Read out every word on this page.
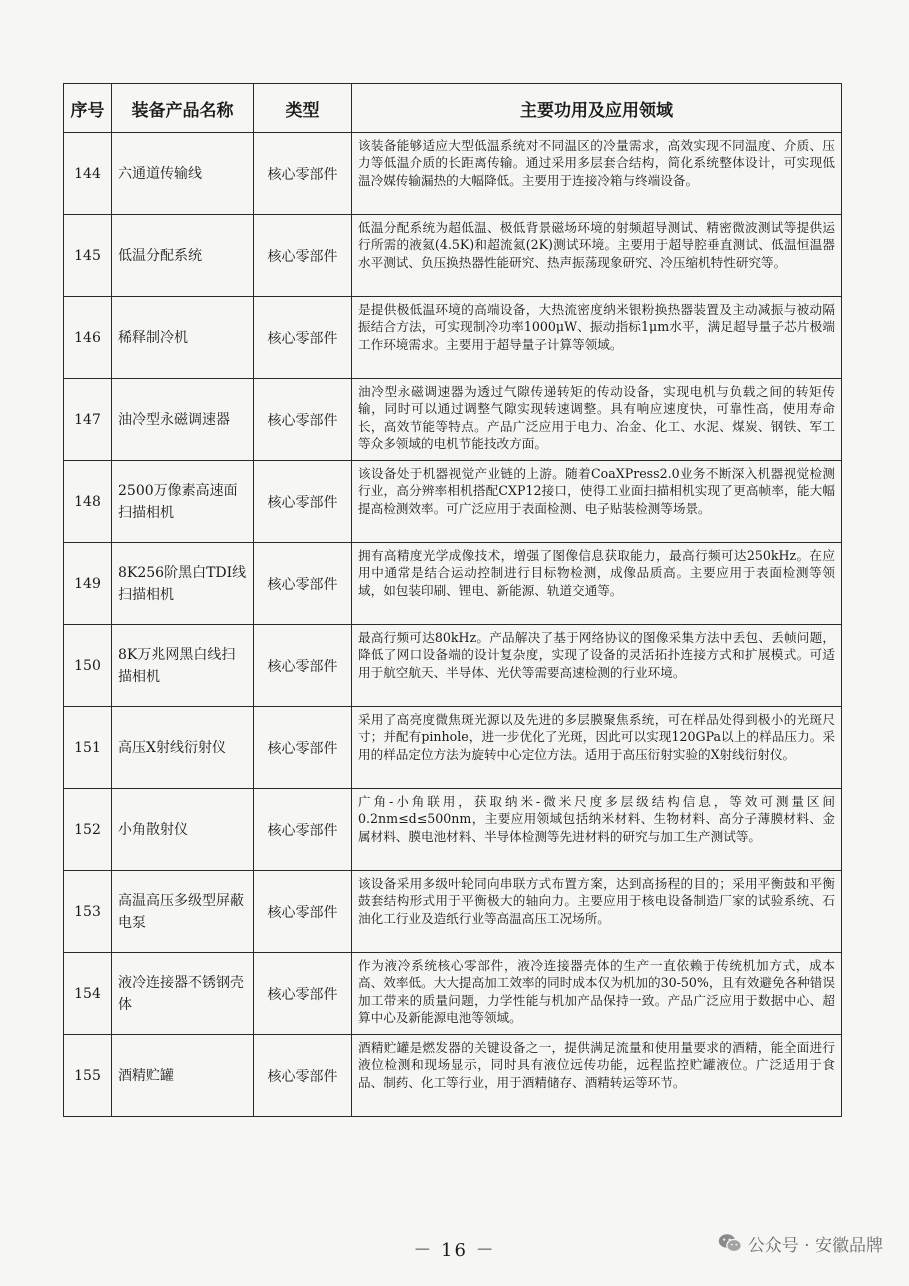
序号	装备产品名称	类型	主要功用及应用领域
144	六通道传输线	核心零部件	该装备能够适应大型低温系统对不同温区的冷量需求，高效实现不同温度、介质、压力等低温介质的长距离传输。通过采用多层套合结构，简化系统整体设计，可实现低温冷媒传输漏热的大幅降低。主要用于连接冷箱与终端设备。
145	低温分配系统	核心零部件	低温分配系统为超低温、极低背景磁场环境的射频超导测试、精密微波测试等提供运行所需的液氦(4.5K)和超流氦(2K)测试环境。主要用于超导腔垂直测试、低温恒温器水平测试、负压换热器性能研究、热声振荡现象研究、冷压缩机特性研究等。
146	稀释制冷机	核心零部件	是提供极低温环境的高端设备，大热流密度纳米银粉换热器装置及主动减振与被动隔振结合方法，可实现制冷功率1000μW、振动指标1μm水平，满足超导量子芯片极端工作环境需求。主要用于超导量子计算等领域。
147	油冷型永磁调速器	核心零部件	油冷型永磁调速器为透过气隙传递转矩的传动设备，实现电机与负载之间的转矩传输，同时可以通过调整气隙实现转速调整。具有响应速度快，可靠性高，使用寿命长，高效节能等特点。产品广泛应用于电力、冶金、化工、水泥、煤炭、钢铁、军工等众多领域的电机节能技改方面。
148	2500万像素高速面扫描相机	核心零部件	该设备处于机器视觉产业链的上游。随着CoaXPress2.0业务不断深入机器视觉检测行业，高分辨率相机搭配CXP12接口，使得工业面扫描相机实现了更高帧率，能大幅提高检测效率。可广泛应用于表面检测、电子贴装检测等场景。
149	8K256阶黑白TDI线扫描相机	核心零部件	拥有高精度光学成像技术，增强了图像信息获取能力，最高行频可达250kHz。在应用中通常是结合运动控制进行目标物检测，成像品质高。主要应用于表面检测等领域，如包装印刷、锂电、新能源、轨道交通等。
150	8K万兆网黑白线扫描相机	核心零部件	最高行频可达80kHz。产品解决了基于网络协议的图像采集方法中丢包、丢帧问题，降低了网口设备端的设计复杂度，实现了设备的灵活拓扑连接方式和扩展模式。可适用于航空航天、半导体、光伏等需要高速检测的行业环境。
151	高压X射线衍射仪	核心零部件	采用了高亮度微焦斑光源以及先进的多层膜聚焦系统，可在样品处得到极小的光斑尺寸；并配有pinhole，进一步优化了光斑，因此可以实现120GPa以上的样品压力。采用的样品定位方法为旋转中心定位方法。适用于高压衍射实验的X射线衍射仪。
152	小角散射仪	核心零部件	广角-小角联用，获取纳米-微米尺度多层级结构信息，等效可测量区间0.2nm≤d≤500nm，主要应用领域包括纳米材料、生物材料、高分子薄膜材料、金属材料、膜电池材料、半导体检测等先进材料的研究与加工生产测试等。
153	高温高压多级型屏蔽电泵	核心零部件	该设备采用多级叶轮同向串联方式布置方案，达到高扬程的目的；采用平衡鼓和平衡鼓套结构形式用于平衡极大的轴向力。主要应用于核电设备制造厂家的试验系统、石油化工行业及造纸行业等高温高压工况场所。
154	液冷连接器不锈钢壳体	核心零部件	作为液冷系统核心零部件，液冷连接器壳体的生产一直依赖于传统机加方式，成本高、效率低。大大提高加工效率的同时成本仅为机加的30-50%，且有效避免各种错误加工带来的质量问题，力学性能与机加产品保持一致。产品广泛应用于数据中心、超算中心及新能源电池等领域。
155	酒精贮罐	核心零部件	酒精贮罐是燃发器的关键设备之一，提供满足流量和使用量要求的酒精，能全面进行液位检测和现场显示，同时具有液位远传功能，远程监控贮罐液位。广泛适用于食品、制药、化工等行业，用于酒精储存、酒精转运等环节。
－ 16 －	公众号 · 安徽品牌
